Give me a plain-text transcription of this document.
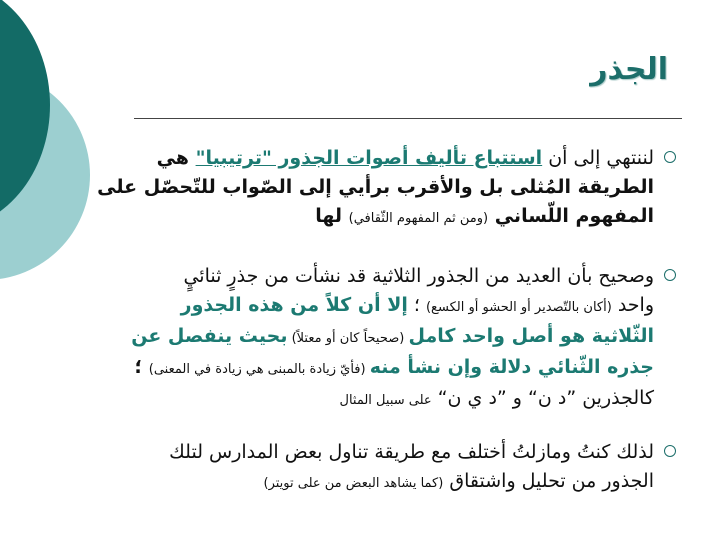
الجذر
لننتهي إلى أن استتباع تأليف أصوات الجذور "ترتيبيا" هي
الطريقة المُثلى بل والأقرب برأيي إلى الصّواب للتّحصّل على
المفهوم اللّساني (ومن ثم المفهوم الثّقافي) لها
وصحيح بأن العديد من الجذور الثلاثية قد نشأت من جذرٍ ثنائيٍ
واحد (أكان بالتّصدير أو الحشو أو الكسع) ؛ إلا أن كلاً من هذه الجذور
الثّلاثية هو أصل واحد كامل (صحيحاً كان أو معتلاً) بحيث ينفصل عن
جذره الثّنائي دلالة وإن نشأ منه (فأيّ زيادة بالمبنى هي زيادة في المعنى) ؛
كالجذرين ”د ن“ و ”د ي ن“ على سبيل المثال
لذلك كنتُ ومازلتُ أختلف مع طريقة تناول بعض المدارس لتلك
الجذور من تحليل واشتقاق (كما يشاهد البعض من على تويتر)
